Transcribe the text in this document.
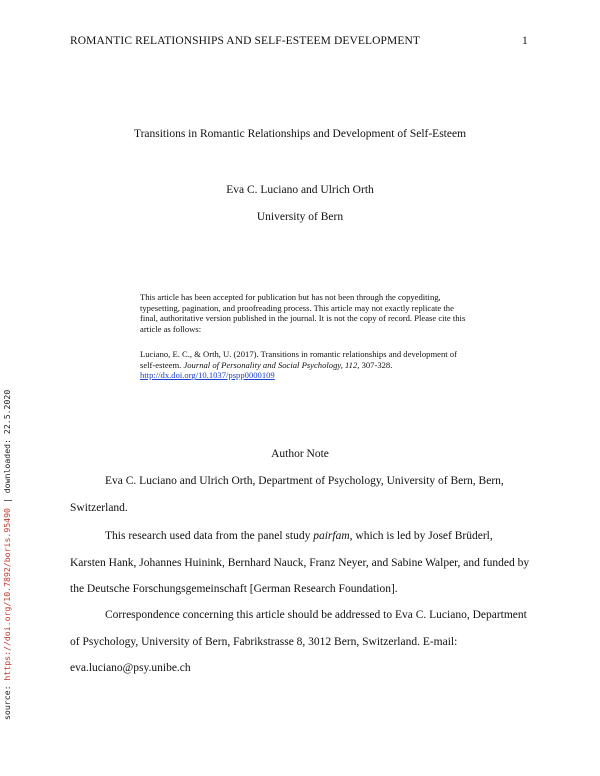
ROMANTIC RELATIONSHIPS AND SELF-ESTEEM DEVELOPMENT	1
Transitions in Romantic Relationships and Development of Self-Esteem
Eva C. Luciano and Ulrich Orth
University of Bern
This article has been accepted for publication but has not been through the copyediting, typesetting, pagination, and proofreading process. This article may not exactly replicate the final, authoritative version published in the journal. It is not the copy of record. Please cite this article as follows:
Luciano, E. C., & Orth, U. (2017). Transitions in romantic relationships and development of self-esteem. Journal of Personality and Social Psychology, 112, 307-328. http://dx.doi.org/10.1037/pspp0000109
Author Note
Eva C. Luciano and Ulrich Orth, Department of Psychology, University of Bern, Bern, Switzerland.
This research used data from the panel study pairfam, which is led by Josef Brüderl, Karsten Hank, Johannes Huinink, Bernhard Nauck, Franz Neyer, and Sabine Walper, and funded by the Deutsche Forschungsgemeinschaft [German Research Foundation].
Correspondence concerning this article should be addressed to Eva C. Luciano, Department of Psychology, University of Bern, Fabrikstrasse 8, 3012 Bern, Switzerland. E-mail: eva.luciano@psy.unibe.ch
source: https://doi.org/10.7892/boris.95490 | downloaded: 22.5.2020
